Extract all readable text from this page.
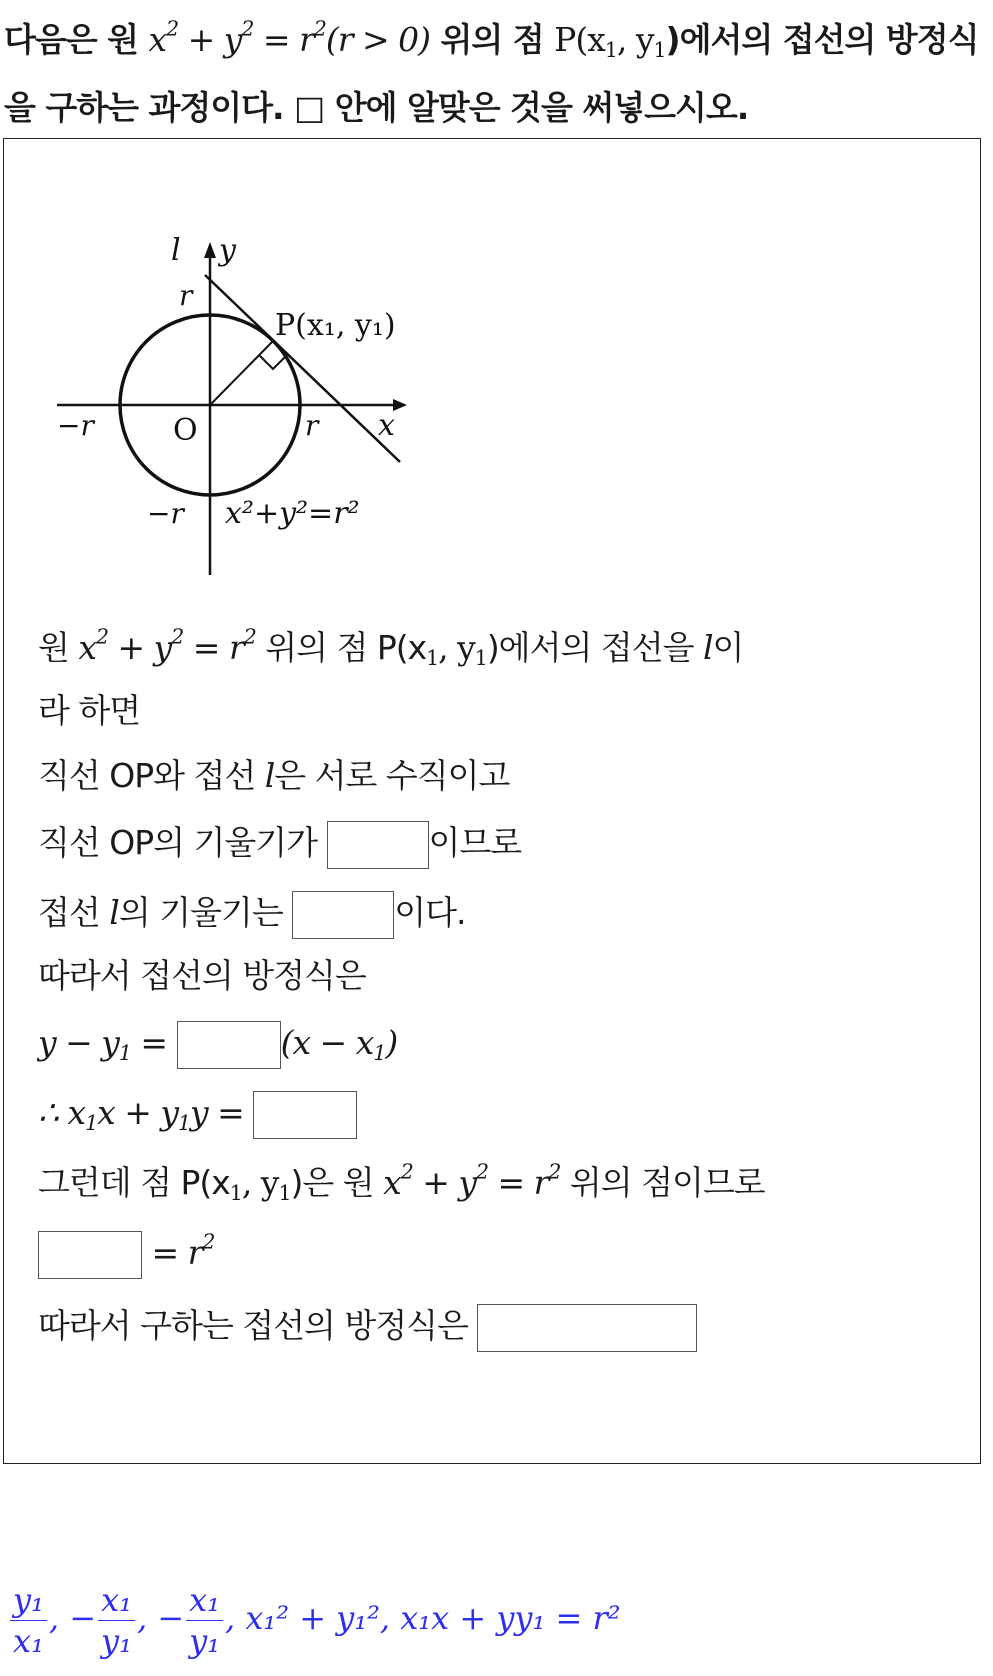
다음은 원 $x^2 + y^2 = r^2(r > 0)$ 위의 점 $P(x_1$, $y_1$)에서의 접선의 방정식을 구하는 과정이다. □ 안에 알맞은 것을 써넣으시오.
l y
r
P(x₁, y₁)
−r	O	r x
−r x²+y²=r²
원 $x^2 + y^2 = r^2$ 위의 점 $P(x_1$, $y_1$)에서의 접선을 l이
라 하면
직선 OP와 접선 l은 서로 수직이고
직선 OP의 기울기가	이므로
접선 l의 기울기는	이다.
따라서 접선의 방정식은
$y - y_1$ =	$(x - x_1)$
∴ $x_1x + y_1y$ =
그런데 점 $P(x_1$, $y_1$)은 원 $x^2 + y^2 = r^2$ 위의 점이므로
= $r^2$
따라서 구하는 접선의 방정식은
$\frac{\text{y₁}}{\text{x₁}}$ , − $\frac{\text{x₁}}{\text{y₁}}$ , − $\frac{\text{x₁}}{\text{y₁}}$ , x₁² + y₁², x₁x + yy₁ = r²
